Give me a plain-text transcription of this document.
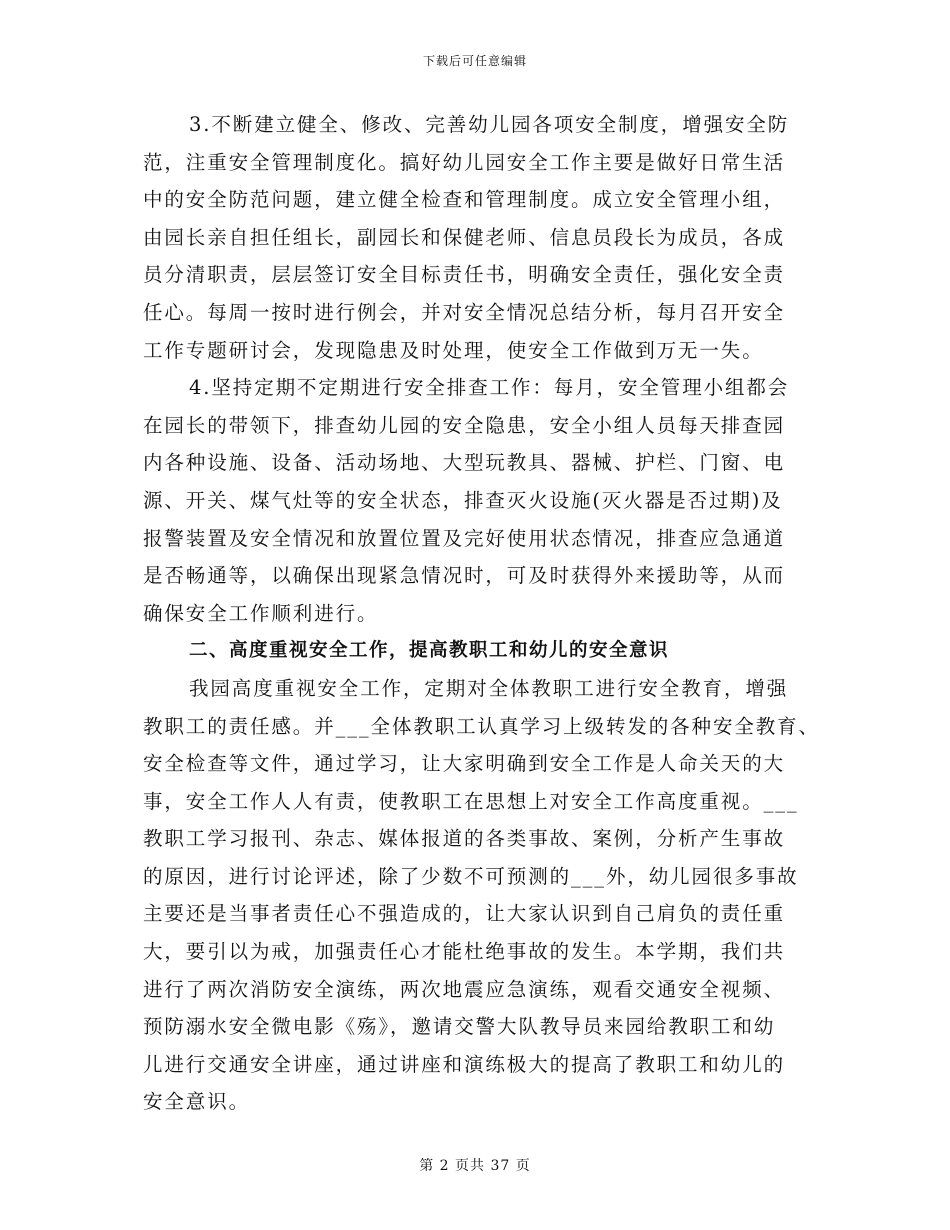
下载后可任意编辑
3.不断建立健全、修改、完善幼儿园各项安全制度，增强安全防
范，注重安全管理制度化。搞好幼儿园安全工作主要是做好日常生活
中的安全防范问题，建立健全检查和管理制度。成立安全管理小组，
由园长亲自担任组长，副园长和保健老师、信息员段长为成员，各成
员分清职责，层层签订安全目标责任书，明确安全责任，强化安全责
任心。每周一按时进行例会，并对安全情况总结分析，每月召开安全
工作专题研讨会，发现隐患及时处理，使安全工作做到万无一失。
4.坚持定期不定期进行安全排查工作：每月，安全管理小组都会
在园长的带领下，排查幼儿园的安全隐患，安全小组人员每天排查园
内各种设施、设备、活动场地、大型玩教具、器械、护栏、门窗、电
源、开关、煤气灶等的安全状态，排查灭火设施(灭火器是否过期)及
报警装置及安全情况和放置位置及完好使用状态情况，排查应急通道
是否畅通等，以确保出现紧急情况时，可及时获得外来援助等，从而
确保安全工作顺利进行。
二、高度重视安全工作，提高教职工和幼儿的安全意识
我园高度重视安全工作，定期对全体教职工进行安全教育，增强
教职工的责任感。并___全体教职工认真学习上级转发的各种安全教育、
安全检查等文件，通过学习，让大家明确到安全工作是人命关天的大
事，安全工作人人有责，使教职工在思想上对安全工作高度重视。___
教职工学习报刊、杂志、媒体报道的各类事故、案例，分析产生事故
的原因，进行讨论评述，除了少数不可预测的___外，幼儿园很多事故
主要还是当事者责任心不强造成的，让大家认识到自己肩负的责任重
大，要引以为戒，加强责任心才能杜绝事故的发生。本学期，我们共
进行了两次消防安全演练，两次地震应急演练，观看交通安全视频、
预防溺水安全微电影《殇》，邀请交警大队教导员来园给教职工和幼
儿进行交通安全讲座，通过讲座和演练极大的提高了教职工和幼儿的
安全意识。
第 2 页共 37 页
